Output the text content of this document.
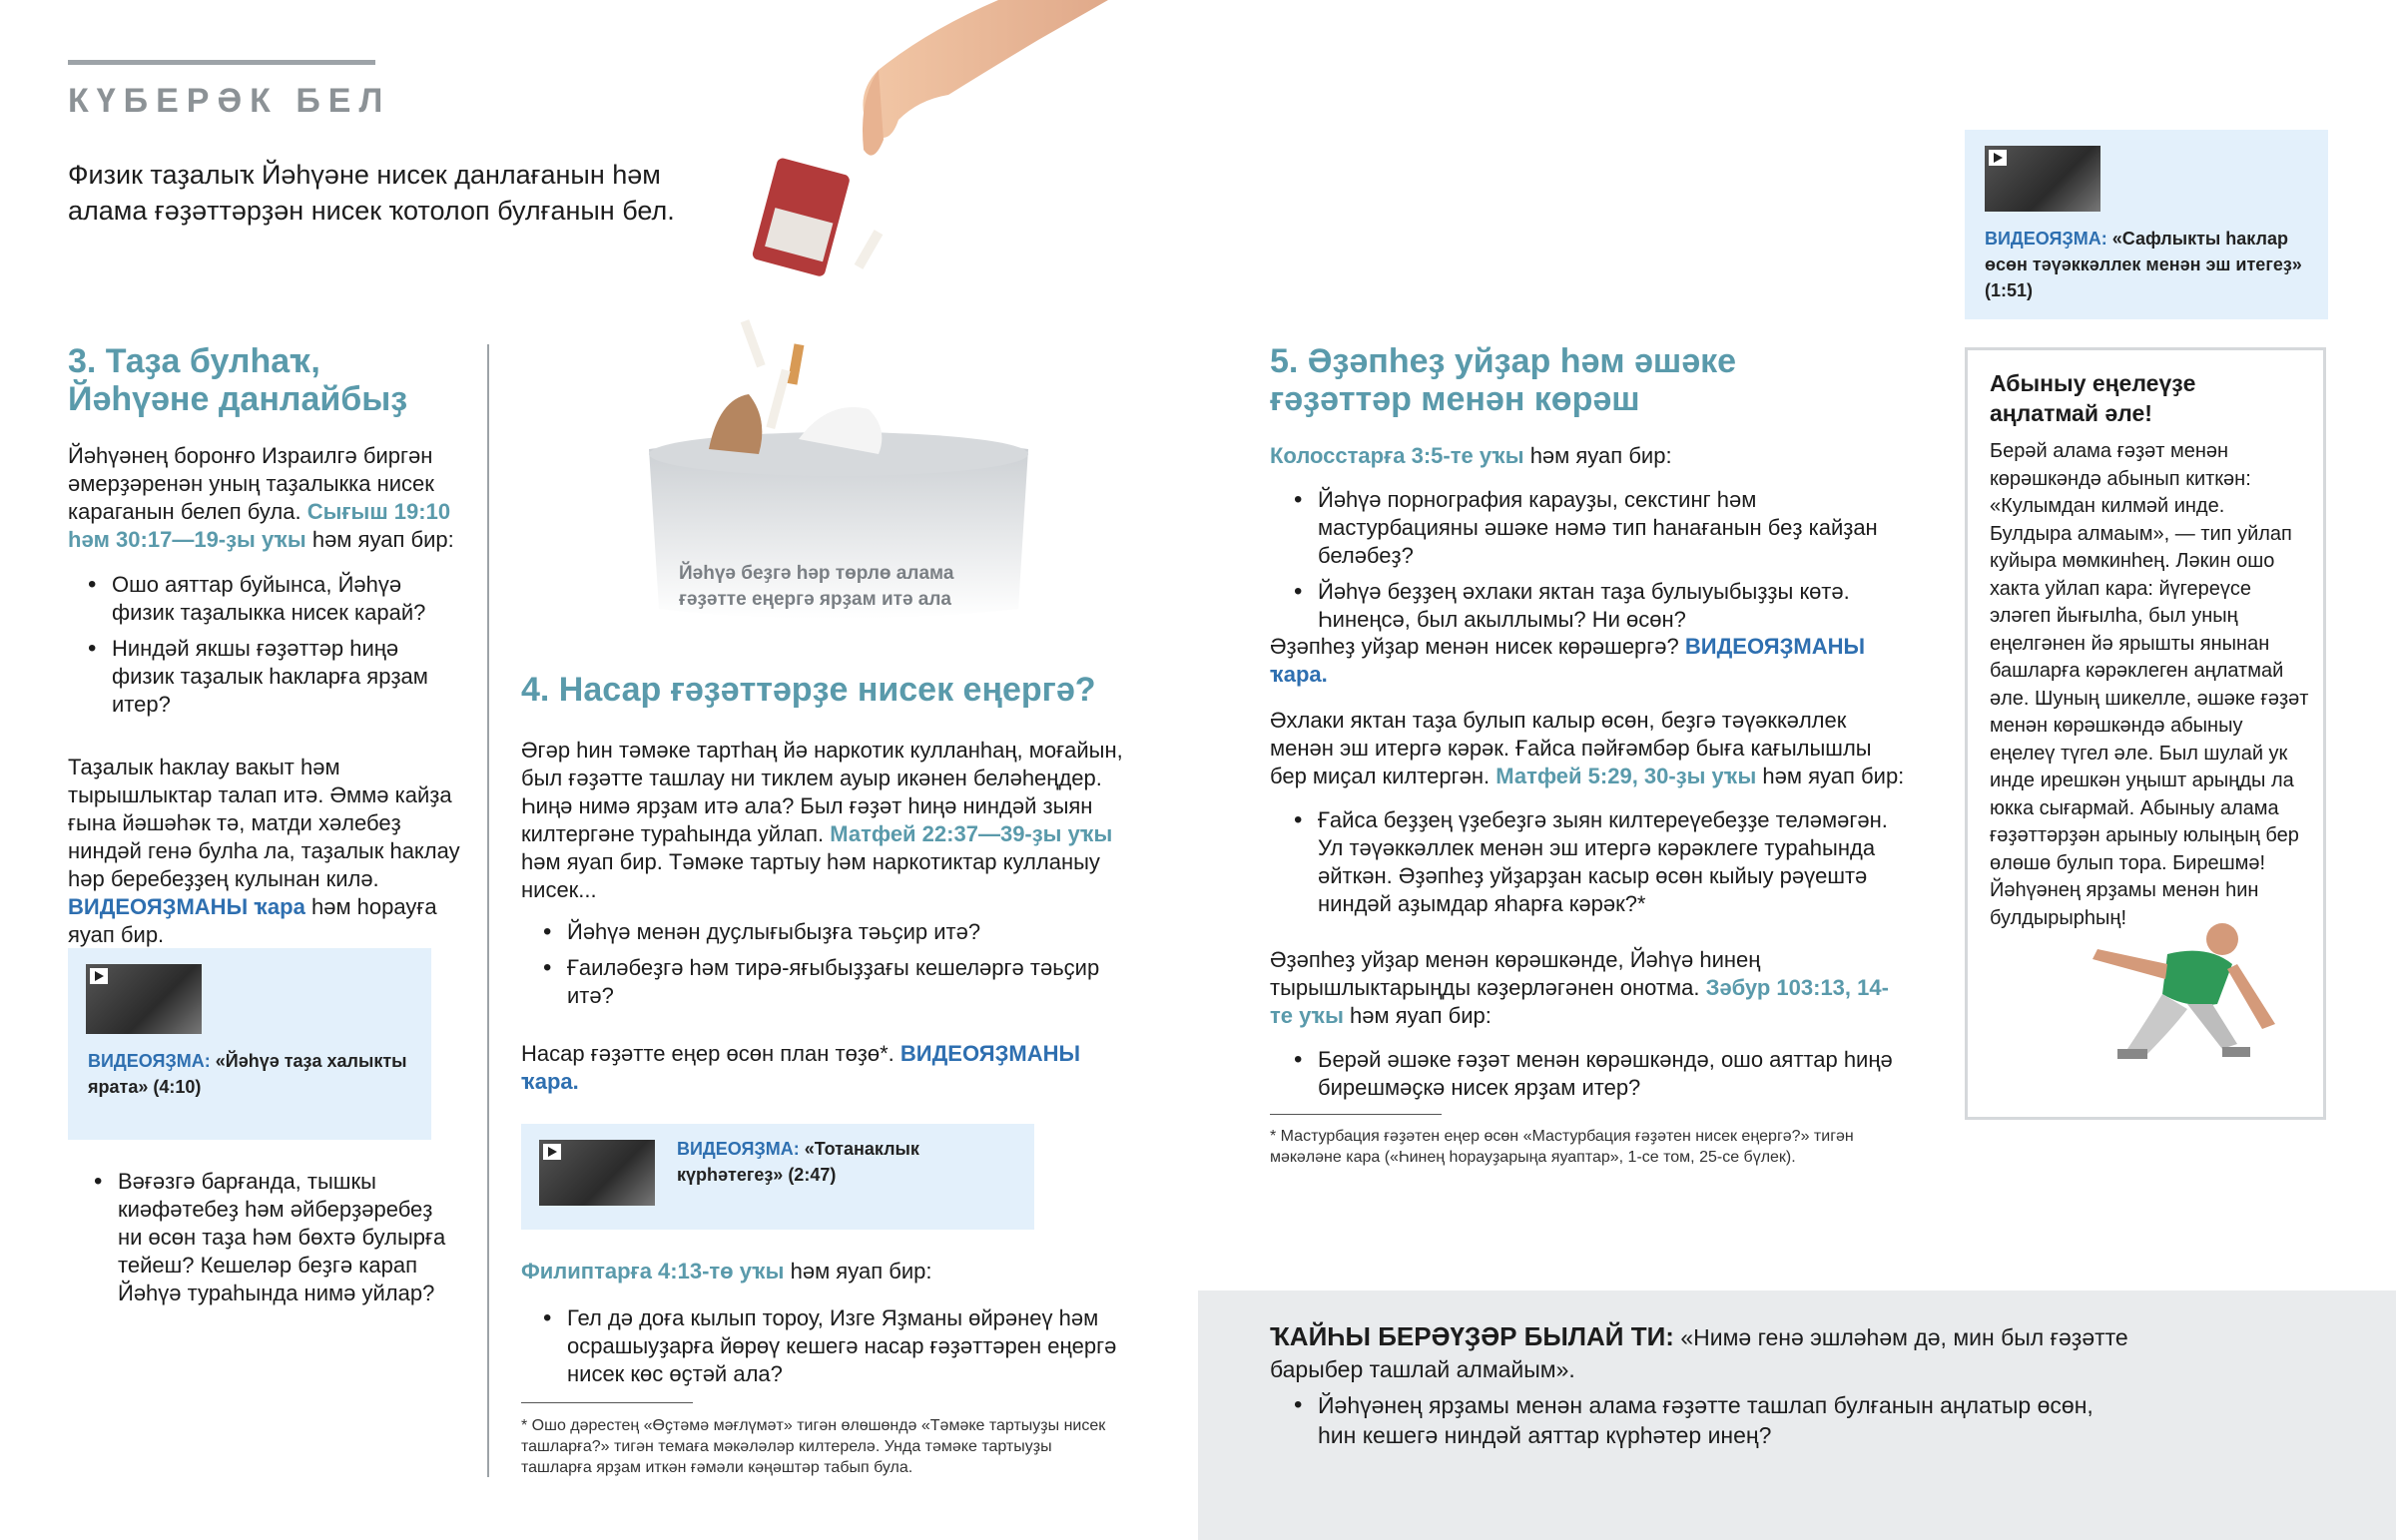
КҮБЕРӘК БЕЛ
Физик таҙалыҡ Йәһүәне нисек данлағанын һәм алама ғәҙәттәрҙән нисек ҡотолоп булғанын бел.
Йәһүә беҙгә һәр төрлө алама ғәҙәтте еңергә ярҙам итә ала
ВИДЕОЯҘМА: «Сафлыкты һаклар өсөн тәүәккәллек менән эш итегеҙ» (1:51)
Абыныу еңелеүҙе аңлатмай әле!
Берәй алама ғәҙәт менән көрәшкәндә абынып киткән: «Кулымдан килмәй инде. Булдыра алмаым», — тип уйлап куйыра мөмкинһең. Ләкин ошо хакта уйлап кара: йүгереүсе эләгеп йығылһа, был уның еңелгәнен йә ярышты янынан башларға кәрәклеген аңлатмай әле. Шуның шикелле, әшәке ғәҙәт менән көрәшкәндә абыныу еңелеү түгел әле. Был шулай ук инде ирешкән уңышт арыңды ла юкка сығармай. Абыныу алама ғәҙәттәрҙән арыныу юлыңың бер өлөшө булып тора. Бирешмә! Йәһүәнең ярҙамы менән һин булдырырһың!
3. Таҙа булһаҡ,
Йәһүәне данлайбыҙ
Йәһүәнең боронғо Израилгә биргән әмерҙәренән уның таҙалыкка нисек караганын белеп була. Сығыш 19:10 һәм 30:17—19-ҙы уҡы һәм яуап бир:
• Ошо аяттар буйынса, Йәһүә физик таҙалыкка нисек карай?
• Ниндәй якшы ғәҙәттәр һиңә физик таҙалык һакларға ярҙам итер?
Таҙалык һаклау вакыт һәм тырышлыктар талап итә. Әммә кайҙа ғына йәшәһәк тә, матди хәлебеҙ ниндәй генә булһа ла, таҙалык һаклау һәр беребеҙҙең кулынан килә. ВИДЕОЯҘМАНЫ ҡара һәм һорауға яуап бир.
ВИДЕОЯҘМА: «Йәһүә таҙа халыкты ярата» (4:10)
• Вәғәзгә барғанда, тышкы киәфәтебеҙ һәм әйберҙәребеҙ ни өсөн таҙа һәм бөхтә булырға тейеш? Кешеләр беҙгә карап Йәһүә тураһында нимә уйлар?
4. Насар ғәҙәттәрҙе нисек еңергә?
Әгәр һин тәмәке тартһаң йә наркотик кулланһаң, моғайын, был ғәҙәтте ташлау ни тиклем ауыр икәнен беләһеңдер. Һиңә нимә ярҙам итә ала? Был ғәҙәт һиңә ниндәй зыян килтергәне тураһында уйлап. Матфей 22:37—39-ҙы уҡы һәм яуап бир. Тәмәке тартыу һәм наркотиктар кулланыу нисек...
• Йәһүә менән дуҫлығыбыҙға тәьҫир итә?
• Ғаиләбеҙгә һәм тирә-яғыбыҙҙағы кешеләргә тәьҫир итә?
Насар ғәҙәтте еңер өсөн план төҙө*. ВИДЕОЯҘМАНЫ ҡара.
ВИДЕОЯҘМА: «Тотанаклык күрһәтегеҙ» (2:47)
Филиптарға 4:13-тө уҡы һәм яуап бир:
• Гел дә доға кылып тороу, Изге Яҙманы өйрәнеү һәм осрашыуҙарға йөрөү кешегә насар ғәҙәттәрен еңергә нисек көс өҫтәй ала?
* Ошо дәрестең «Өҫтәмә мәғлүмәт» тигән өлөшөндә «Тәмәке тартыуҙы нисек ташларға?» тигән темаға мәкәләләр килтерелә. Унда тәмәке тартыуҙы ташларға ярҙам иткән ғәмәли кәңәштәр табып була.
5. Әҙәпһеҙ уйҙар һәм әшәке
ғәҙәттәр менән көрәш
Колосстарға 3:5-те уҡы һәм яуап бир:
• Йәһүә порнография карауҙы, секстинг һәм мастурбацияны әшәке нәмә тип һанағанын беҙ кайҙан беләбеҙ?
• Йәһүә беҙҙең әхлаки яктан таҙа булыуыбыҙҙы көтә. Һинеңсә, был акыллымы? Ни өсөн?
Әҙәпһеҙ уйҙар менән нисек көрәшергә? ВИДЕОЯҘМАНЫ ҡара.
Әхлаки яктан таҙа булып калыр өсөн, беҙгә тәүәккәллек менән эш итергә кәрәк. Ғайса пәйғәмбәр быға кағылышлы бер миҫал килтергән. Матфей 5:29, 30-ҙы уҡы һәм яуап бир:
• Ғайса беҙҙең үҙебеҙгә зыян килтереүебеҙҙе теләмәгән. Ул тәүәккәллек менән эш итергә кәрәклеге тураһында әйткән. Әҙәпһеҙ уйҙарҙан касыр өсөн кыйыу рәүештә ниндәй аҙымдар яһарға кәрәк?*
Әҙәпһеҙ уйҙар менән көрәшкәнде, Йәһүә һинең тырышлыктарыңды кәҙерләгәнен онотма. Зәбур 103:13, 14-те уҡы һәм яуап бир:
• Берәй әшәке ғәҙәт менән көрәшкәндә, ошо аяттар һиңә бирешмәҫкә нисек ярҙам итер?
* Мастурбация ғәҙәтен еңер өсөн «Мастурбация ғәҙәтен нисек еңергә?» тигән мәкәләне кара («Һинең һорауҙарыңа яуаптар», 1-се том, 25-се бүлек).
ҠАЙҺЫ БЕРӘҮҘӘР БЫЛАЙ ТИ: «Нимә генә эшләһәм дә, мин был ғәҙәтте барыбер ташлай алмайым».
• Йәһүәнең ярҙамы менән алама ғәҙәтте ташлап булғанын аңлатыр өсөн, һин кешегә ниндәй аяттар күрһәтер инең?
